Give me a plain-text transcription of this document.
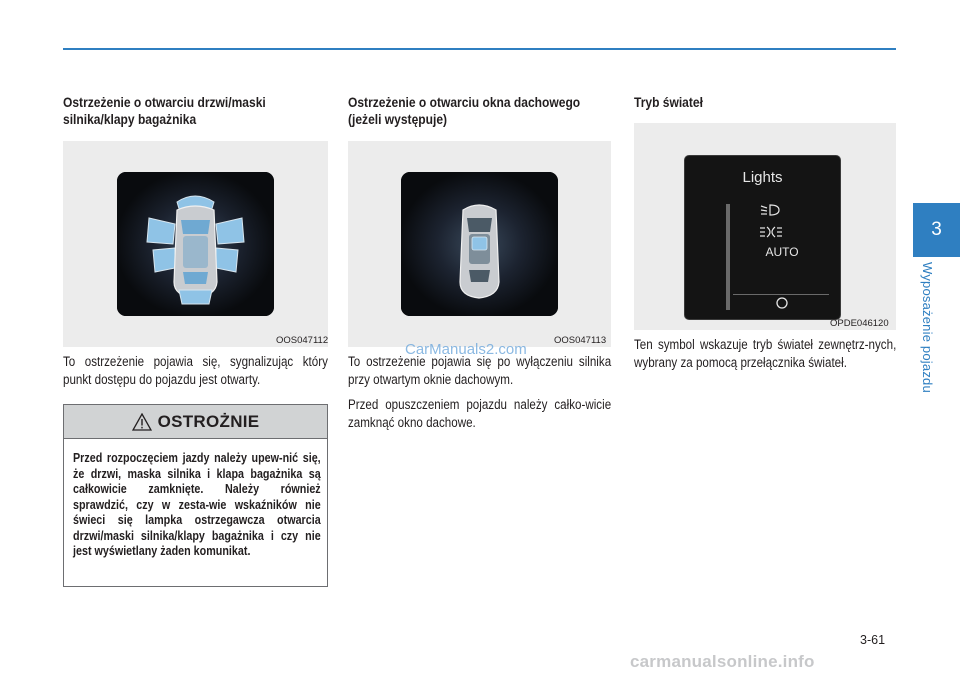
Ostrzeżenie o otwarciu drzwi/maski silnika/klapy bagażnika
OOS047112

To ostrzeżenie pojawia się, sygnalizując który punkt dostępu do pojazdu jest otwarty.

OSTROŻNIE
Przed rozpoczęciem jazdy należy upew-nić się, że drzwi, maska silnika i klapa bagażnika są całkowicie zamknięte. Należy również sprawdzić, czy w zesta-wie wskaźników nie świeci się lampka ostrzegawcza otwarcia drzwi/maski silnika/klapy bagażnika i czy nie jest wyświetlany żaden komunikat.
Ostrzeżenie o otwarciu okna dachowego (jeżeli występuje)
OOS047113

To ostrzeżenie pojawia się po wyłączeniu silnika przy otwartym oknie dachowym.

Przed opuszczeniem pojazdu należy całko-wicie zamknąć okno dachowe.

Tryb świateł
Lights
AUTO
OPDE046120

Ten symbol wskazuje tryb świateł zewnętrz-nych, wybrany za pomocą przełącznika świateł.

CarManuals2.com
carmanualsonline.info
3-61
3
Wyposażenie pojazdu
